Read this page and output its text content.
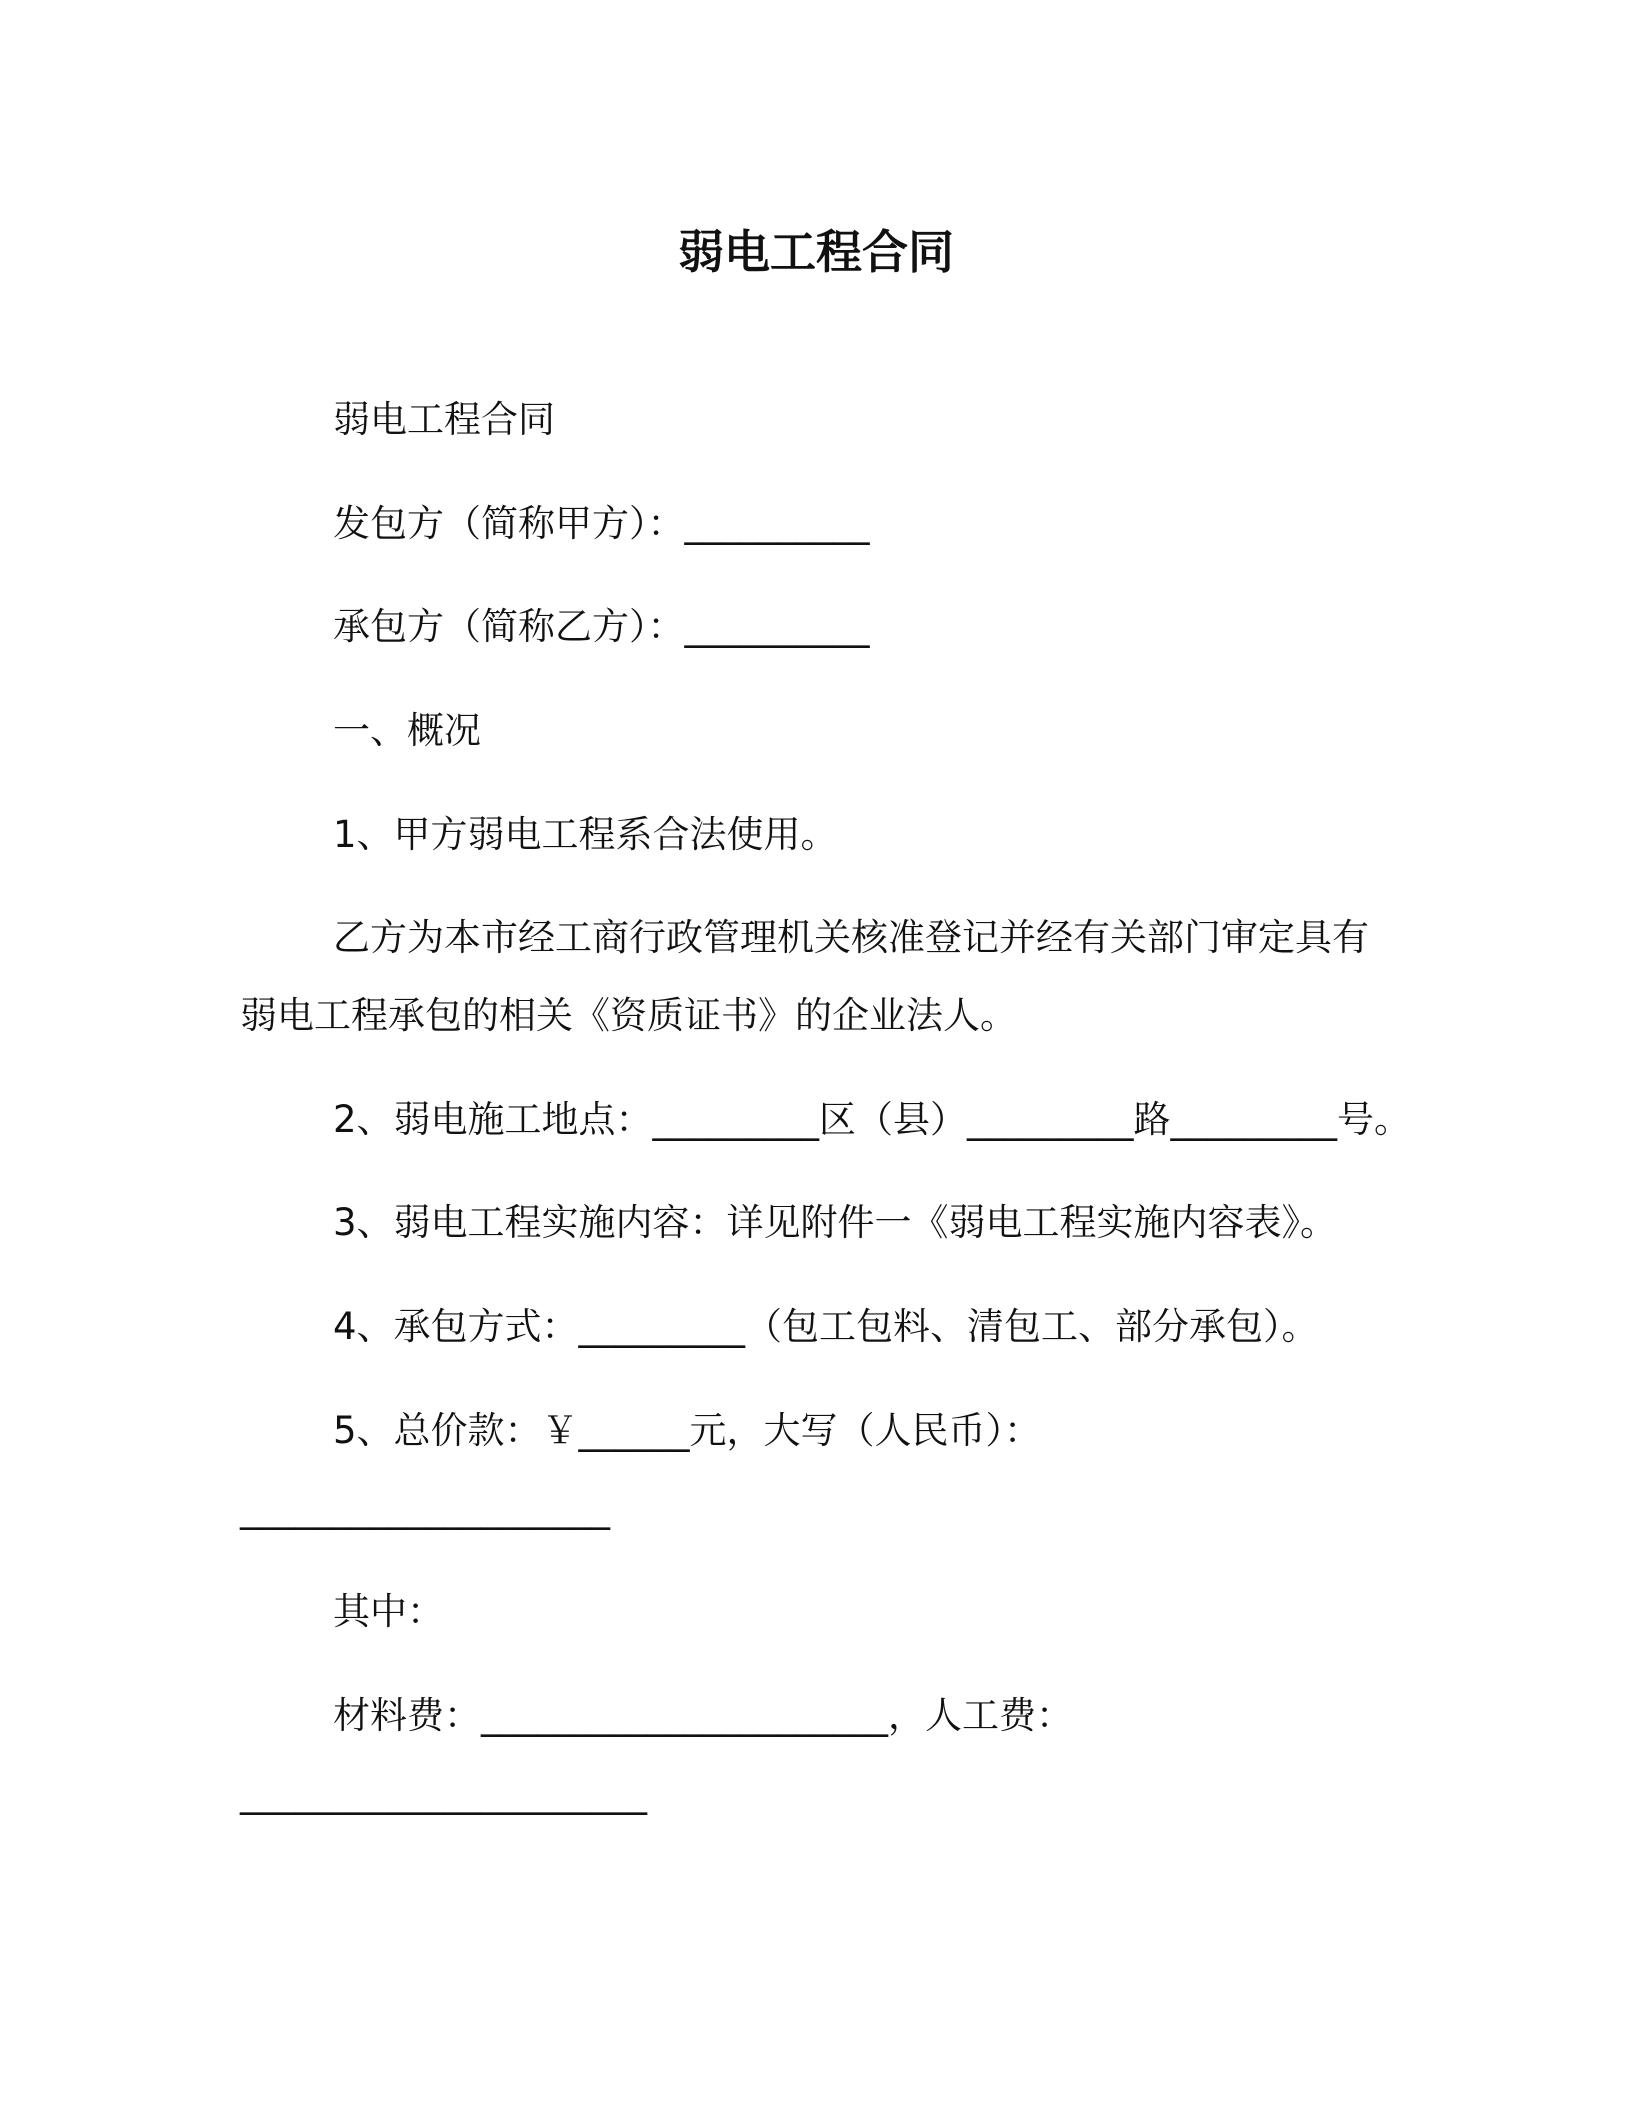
弱电工程合同
弱电工程合同
发包方（简称甲方）：__________
承包方（简称乙方）：__________
一、概况
1、甲方弱电工程系合法使用。
乙方为本市经工商行政管理机关核准登记并经有关部门审定具有
弱电工程承包的相关《资质证书》的企业法人。
2、弱电施工地点：_________区（县）_________路_________号。
3、弱电工程实施内容：详见附件一《弱电工程实施内容表》。
4、承包方式：_________（包工包料、清包工、部分承包）。
5、总价款：￥______元，大写（人民币）：
____________________
其中：
材料费：______________________，人工费：
______________________
